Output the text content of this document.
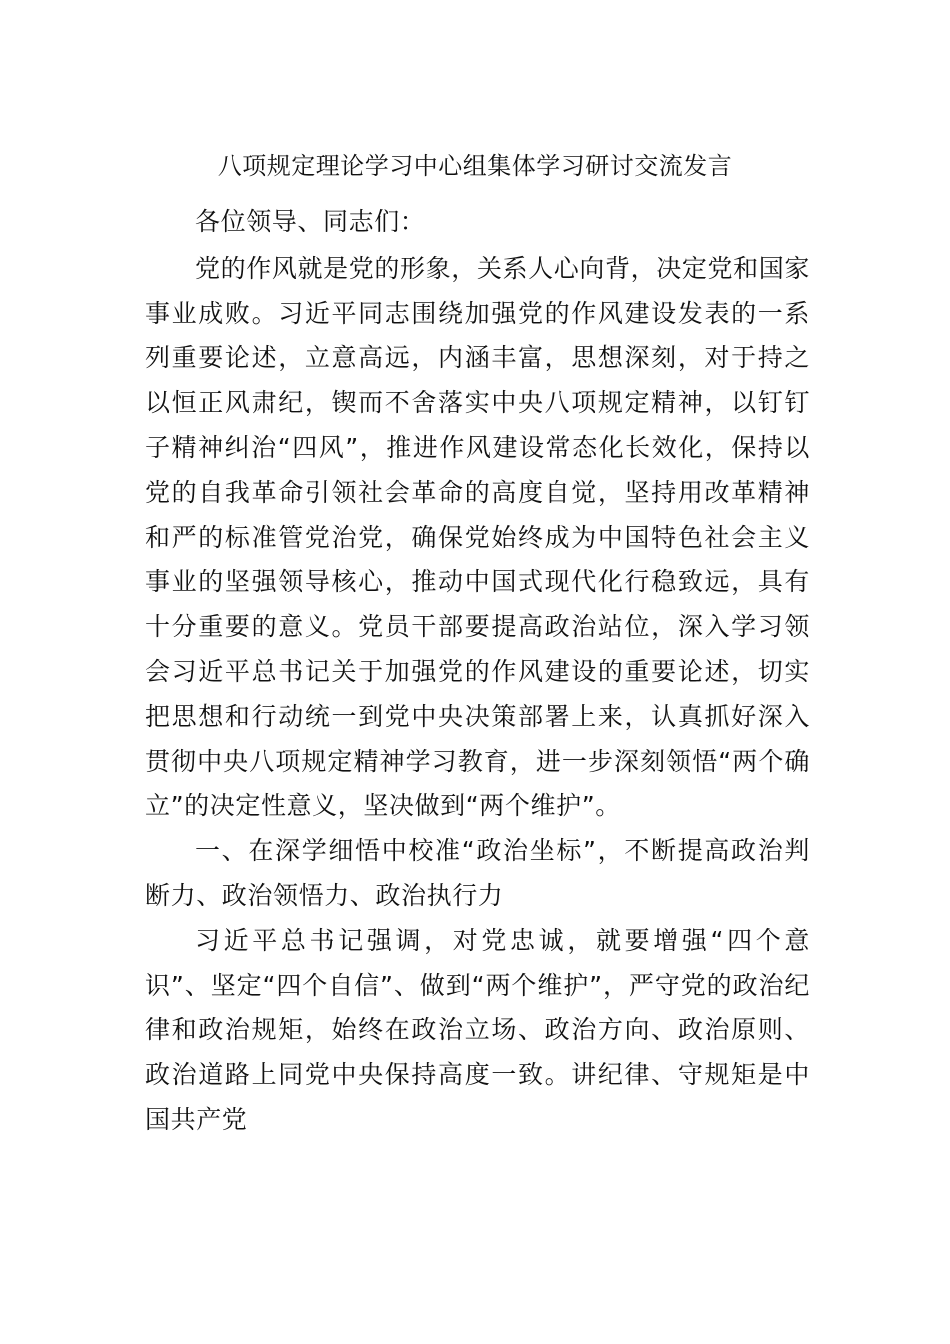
八项规定理论学习中心组集体学习研讨交流发言

各位领导、同志们：

党的作风就是党的形象，关系人心向背，决定党和国家事业成败。习近平同志围绕加强党的作风建设发表的一系列重要论述，立意高远，内涵丰富，思想深刻，对于持之以恒正风肃纪，锲而不舍落实中央八项规定精神，以钉钉子精神纠治“四风”，推进作风建设常态化长效化，保持以党的自我革命引领社会革命的高度自觉，坚持用改革精神和严的标准管党治党，确保党始终成为中国特色社会主义事业的坚强领导核心，推动中国式现代化行稳致远，具有十分重要的意义。党员干部要提高政治站位，深入学习领会习近平总书记关于加强党的作风建设的重要论述，切实把思想和行动统一到党中央决策部署上来，认真抓好深入贯彻中央八项规定精神学习教育，进一步深刻领悟“两个确立”的决定性意义，坚决做到“两个维护”。

一、在深学细悟中校准“政治坐标”，不断提高政治判断力、政治领悟力、政治执行力

习近平总书记强调，对党忠诚，就要增强“四个意识”、坚定“四个自信”、做到“两个维护”，严守党的政治纪律和政治规矩，始终在政治立场、政治方向、政治原则、政治道路上同党中央保持高度一致。讲纪律、守规矩是中国共产党
